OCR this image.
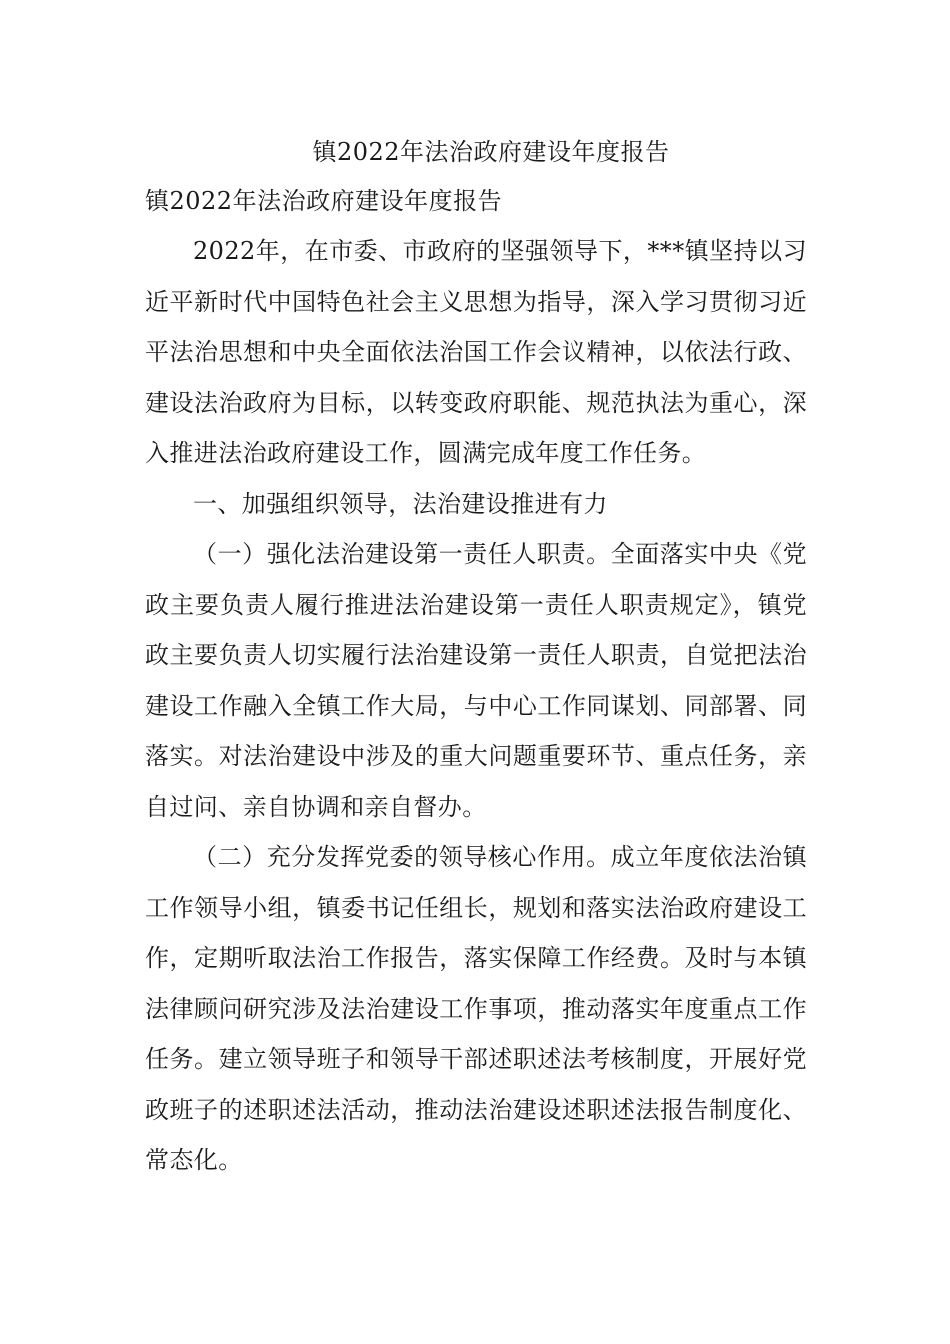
镇2022年法治政府建设年度报告
镇2022年法治政府建设年度报告

2022年，在市委、市政府的坚强领导下，***镇坚持以习近平新时代中国特色社会主义思想为指导，深入学习贯彻习近平法治思想和中央全面依法治国工作会议精神，以依法行政、建设法治政府为目标，以转变政府职能、规范执法为重心，深入推进法治政府建设工作，圆满完成年度工作任务。

一、加强组织领导，法治建设推进有力

（一）强化法治建设第一责任人职责。全面落实中央《党政主要负责人履行推进法治建设第一责任人职责规定》，镇党政主要负责人切实履行法治建设第一责任人职责，自觉把法治建设工作融入全镇工作大局，与中心工作同谋划、同部署、同落实。对法治建设中涉及的重大问题重要环节、重点任务，亲自过问、亲自协调和亲自督办。

（二）充分发挥党委的领导核心作用。成立年度依法治镇工作领导小组，镇委书记任组长，规划和落实法治政府建设工作，定期听取法治工作报告，落实保障工作经费。及时与本镇法律顾问研究涉及法治建设工作事项，推动落实年度重点工作任务。建立领导班子和领导干部述职述法考核制度，开展好党政班子的述职述法活动，推动法治建设述职述法报告制度化、常态化。
